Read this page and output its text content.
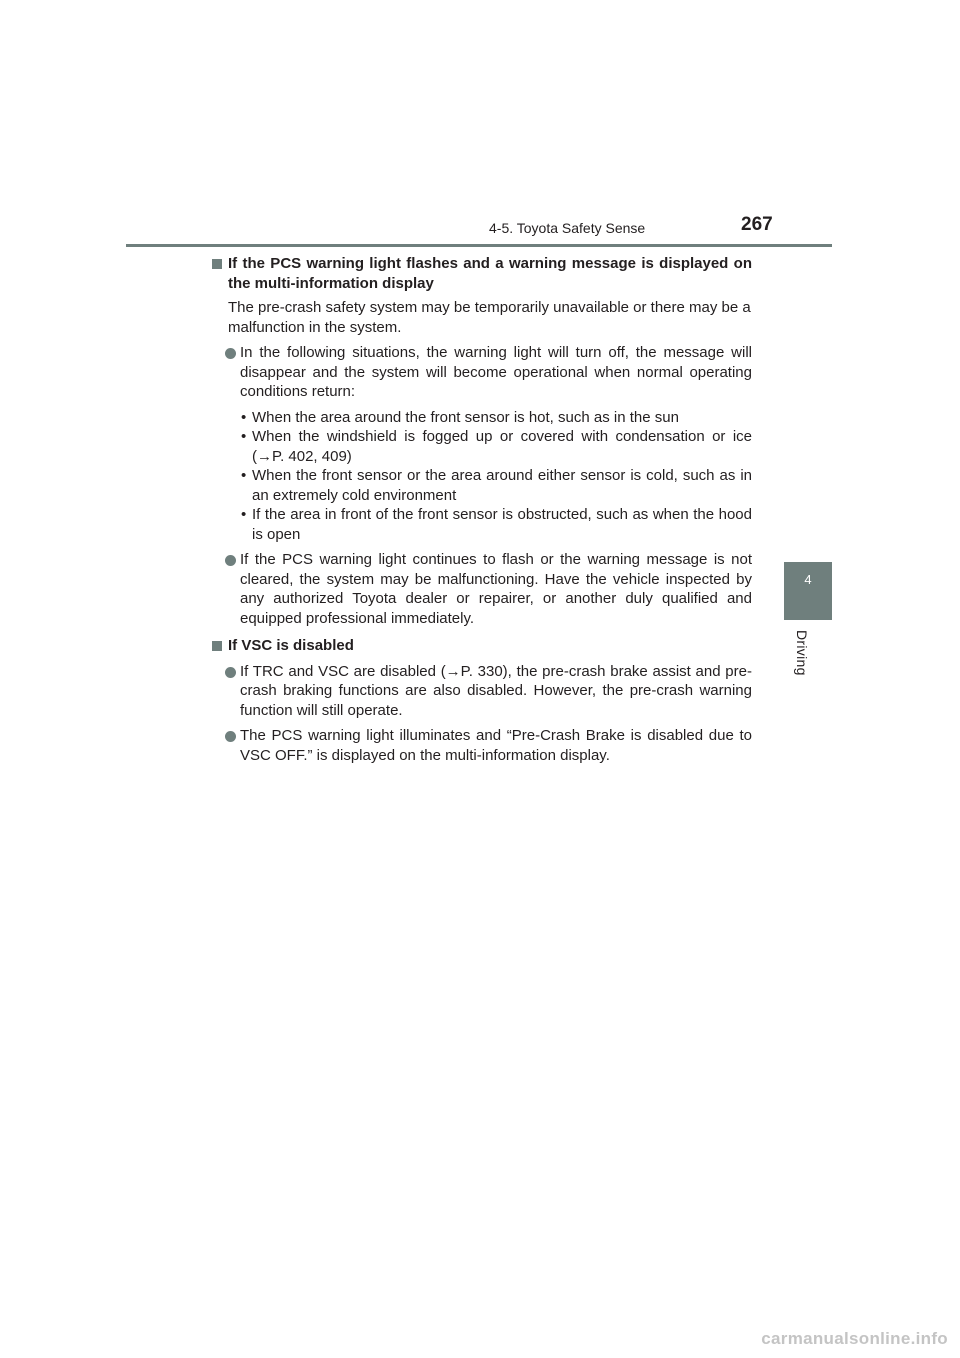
4-5. Toyota Safety Sense	267
4
Driving
If the PCS warning light flashes and a warning message is displayed on the multi-information display
The pre-crash safety system may be temporarily unavailable or there may be a malfunction in the system.
In the following situations, the warning light will turn off, the message will disappear and the system will become operational when normal operating conditions return:
• When the area around the front sensor is hot, such as in the sun
• When the windshield is fogged up or covered with condensation or ice (→P. 402, 409)
• When the front sensor or the area around either sensor is cold, such as in an extremely cold environment
• If the area in front of the front sensor is obstructed, such as when the hood is open
If the PCS warning light continues to flash or the warning message is not cleared, the system may be malfunctioning. Have the vehicle inspected by any authorized Toyota dealer or repairer, or another duly qualified and equipped professional immediately.
If VSC is disabled
If TRC and VSC are disabled (→P. 330), the pre-crash brake assist and pre-crash braking functions are also disabled. However, the pre-crash warning function will still operate.
The PCS warning light illuminates and “Pre-Crash Brake is disabled due to VSC OFF.” is displayed on the multi-information display.
carmanualsonline.info
